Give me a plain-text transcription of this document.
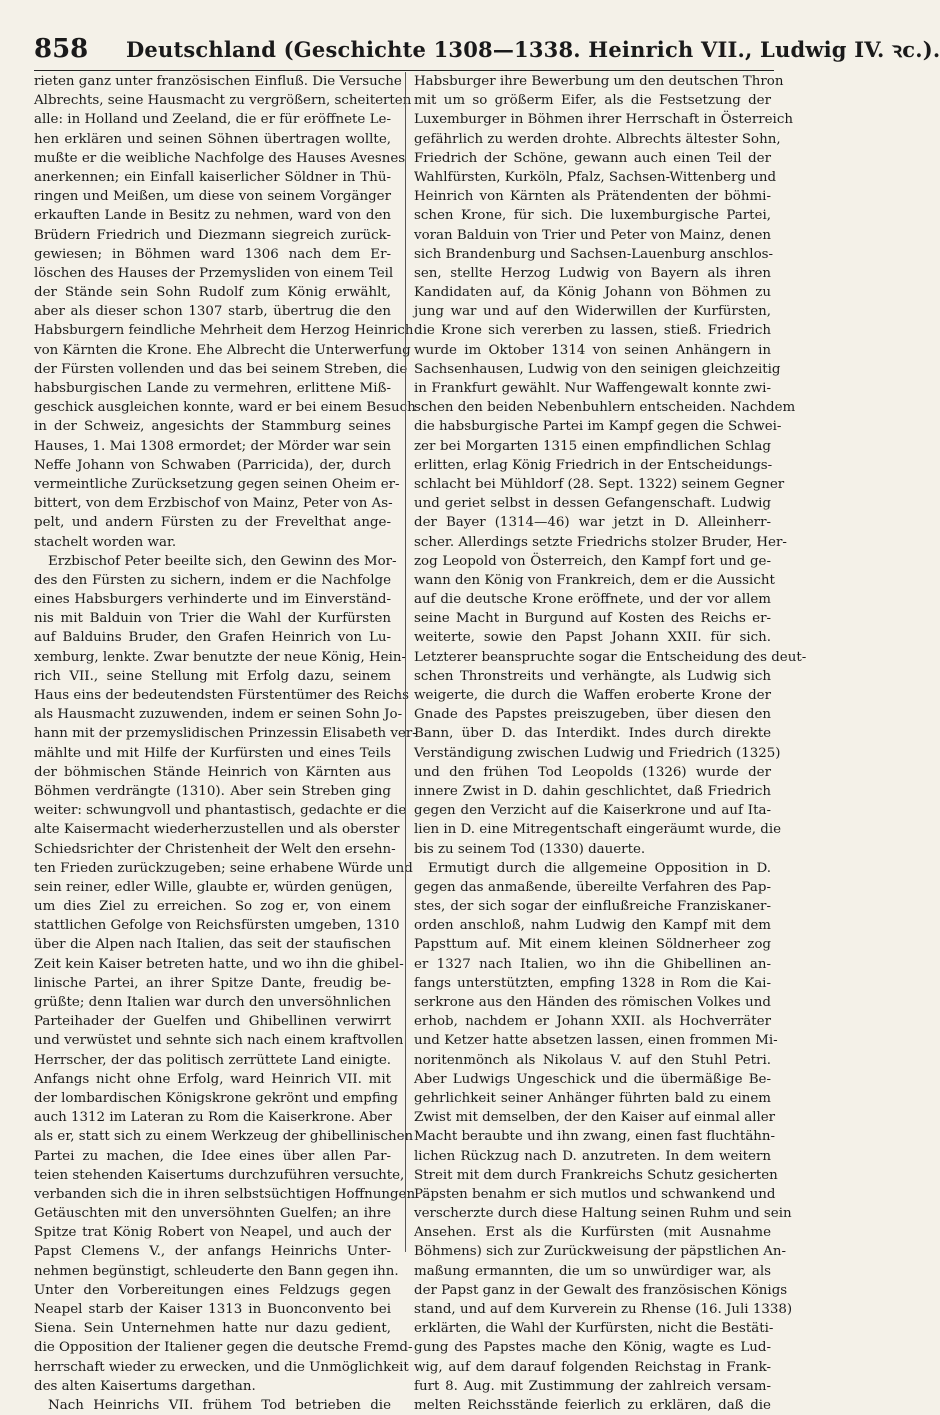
858 Deutschland (Geschichte 1308—1338. Heinrich VII., Ludwig IV. ꝛc.).
rieten ganz unter französischen Einfluß. Die Versuche
Albrechts, seine Hausmacht zu vergrößern, scheiterten
alle: in Holland und Zeeland, die er für eröffnete Le-
hen erklären und seinen Söhnen übertragen wollte,
mußte er die weibliche Nachfolge des Hauses Avesnes
anerkennen; ein Einfall kaiserlicher Söldner in Thü-
ringen und Meißen, um diese von seinem Vorgänger
erkauften Lande in Besitz zu nehmen, ward von den
Brüdern Friedrich und Diezmann siegreich zurück-
gewiesen; in Böhmen ward 1306 nach dem Er-
löschen des Hauses der Przemysliden von einem Teil
der Stände sein Sohn Rudolf zum König erwählt,
aber als dieser schon 1307 starb, übertrug die den
Habsburgern feindliche Mehrheit dem Herzog Heinrich
von Kärnten die Krone. Ehe Albrecht die Unterwerfung
der Fürsten vollenden und das bei seinem Streben, die
habsburgischen Lande zu vermehren, erlittene Miß-
geschick ausgleichen konnte, ward er bei einem Besuch
in der Schweiz, angesichts der Stammburg seines
Hauses, 1. Mai 1308 ermordet; der Mörder war sein
Neffe Johann von Schwaben (Parricida), der, durch
vermeintliche Zurücksetzung gegen seinen Oheim er-
bittert, von dem Erzbischof von Mainz, Peter von As-
pelt, und andern Fürsten zu der Frevelthat ange-
stachelt worden war.
Erzbischof Peter beeilte sich, den Gewinn des Mor-
des den Fürsten zu sichern, indem er die Nachfolge
eines Habsburgers verhinderte und im Einverständ-
nis mit Balduin von Trier die Wahl der Kurfürsten
auf Balduins Bruder, den Grafen Heinrich von Lu-
xemburg, lenkte. Zwar benutzte der neue König, Hein-
rich VII., seine Stellung mit Erfolg dazu, seinem
Haus eins der bedeutendsten Fürstentümer des Reichs
als Hausmacht zuzuwenden, indem er seinen Sohn Jo-
hann mit der przemyslidischen Prinzessin Elisabeth ver-
mählte und mit Hilfe der Kurfürsten und eines Teils
der böhmischen Stände Heinrich von Kärnten aus
Böhmen verdrängte (1310). Aber sein Streben ging
weiter: schwungvoll und phantastisch, gedachte er die
alte Kaisermacht wiederherzustellen und als oberster
Schiedsrichter der Christenheit der Welt den ersehn-
ten Frieden zurückzugeben; seine erhabene Würde und
sein reiner, edler Wille, glaubte er, würden genügen,
um dies Ziel zu erreichen. So zog er, von einem
stattlichen Gefolge von Reichsfürsten umgeben, 1310
über die Alpen nach Italien, das seit der staufischen
Zeit kein Kaiser betreten hatte, und wo ihn die ghibel-
linische Partei, an ihrer Spitze Dante, freudig be-
grüßte; denn Italien war durch den unversöhnlichen
Parteihader der Guelfen und Ghibellinen verwirrt
und verwüstet und sehnte sich nach einem kraftvollen
Herrscher, der das politisch zerrüttete Land einigte.
Anfangs nicht ohne Erfolg, ward Heinrich VII. mit
der lombardischen Königskrone gekrönt und empfing
auch 1312 im Lateran zu Rom die Kaiserkrone. Aber
als er, statt sich zu einem Werkzeug der ghibellinischen
Partei zu machen, die Idee eines über allen Par-
teien stehenden Kaisertums durchzuführen versuchte,
verbanden sich die in ihren selbstsüchtigen Hoffnungen
Getäuschten mit den unversöhnten Guelfen; an ihre
Spitze trat König Robert von Neapel, und auch der
Papst Clemens V., der anfangs Heinrichs Unter-
nehmen begünstigt, schleuderte den Bann gegen ihn.
Unter den Vorbereitungen eines Feldzugs gegen
Neapel starb der Kaiser 1313 in Buonconvento bei
Siena. Sein Unternehmen hatte nur dazu gedient,
die Opposition der Italiener gegen die deutsche Fremd-
herrschaft wieder zu erwecken, und die Unmöglichkeit
des alten Kaisertums dargethan.
Nach Heinrichs VII. frühem Tod betrieben die
Habsburger ihre Bewerbung um den deutschen Thron
mit um so größerm Eifer, als die Festsetzung der
Luxemburger in Böhmen ihrer Herrschaft in Österreich
gefährlich zu werden drohte. Albrechts ältester Sohn,
Friedrich der Schöne, gewann auch einen Teil der
Wahlfürsten, Kurköln, Pfalz, Sachsen-Wittenberg und
Heinrich von Kärnten als Prätendenten der böhmi-
schen Krone, für sich. Die luxemburgische Partei,
voran Balduin von Trier und Peter von Mainz, denen
sich Brandenburg und Sachsen-Lauenburg anschlos-
sen, stellte Herzog Ludwig von Bayern als ihren
Kandidaten auf, da König Johann von Böhmen zu
jung war und auf den Widerwillen der Kurfürsten,
die Krone sich vererben zu lassen, stieß. Friedrich
wurde im Oktober 1314 von seinen Anhängern in
Sachsenhausen, Ludwig von den seinigen gleichzeitig
in Frankfurt gewählt. Nur Waffengewalt konnte zwi-
schen den beiden Nebenbuhlern entscheiden. Nachdem
die habsburgische Partei im Kampf gegen die Schwei-
zer bei Morgarten 1315 einen empfindlichen Schlag
erlitten, erlag König Friedrich in der Entscheidungs-
schlacht bei Mühldorf (28. Sept. 1322) seinem Gegner
und geriet selbst in dessen Gefangenschaft. Ludwig
der Bayer (1314—46) war jetzt in D. Alleinherr-
scher. Allerdings setzte Friedrichs stolzer Bruder, Her-
zog Leopold von Österreich, den Kampf fort und ge-
wann den König von Frankreich, dem er die Aussicht
auf die deutsche Krone eröffnete, und der vor allem
seine Macht in Burgund auf Kosten des Reichs er-
weiterte, sowie den Papst Johann XXII. für sich.
Letzterer beanspruchte sogar die Entscheidung des deut-
schen Thronstreits und verhängte, als Ludwig sich
weigerte, die durch die Waffen eroberte Krone der
Gnade des Papstes preiszugeben, über diesen den
Bann, über D. das Interdikt. Indes durch direkte
Verständigung zwischen Ludwig und Friedrich (1325)
und den frühen Tod Leopolds (1326) wurde der
innere Zwist in D. dahin geschlichtet, daß Friedrich
gegen den Verzicht auf die Kaiserkrone und auf Ita-
lien in D. eine Mitregentschaft eingeräumt wurde, die
bis zu seinem Tod (1330) dauerte.
Ermutigt durch die allgemeine Opposition in D.
gegen das anmaßende, übereilte Verfahren des Pap-
stes, der sich sogar der einflußreiche Franziskaner-
orden anschloß, nahm Ludwig den Kampf mit dem
Papsttum auf. Mit einem kleinen Söldnerheer zog
er 1327 nach Italien, wo ihn die Ghibellinen an-
fangs unterstützten, empfing 1328 in Rom die Kai-
serkrone aus den Händen des römischen Volkes und
erhob, nachdem er Johann XXII. als Hochverräter
und Ketzer hatte absetzen lassen, einen frommen Mi-
noritenmönch als Nikolaus V. auf den Stuhl Petri.
Aber Ludwigs Ungeschick und die übermäßige Be-
gehrlichkeit seiner Anhänger führten bald zu einem
Zwist mit demselben, der den Kaiser auf einmal aller
Macht beraubte und ihn zwang, einen fast fluchtähn-
lichen Rückzug nach D. anzutreten. In dem weitern
Streit mit dem durch Frankreichs Schutz gesicherten
Päpsten benahm er sich mutlos und schwankend und
verscherzte durch diese Haltung seinen Ruhm und sein
Ansehen. Erst als die Kurfürsten (mit Ausnahme
Böhmens) sich zur Zurückweisung der päpstlichen An-
maßung ermannten, die um so unwürdiger war, als
der Papst ganz in der Gewalt des französischen Königs
stand, und auf dem Kurverein zu Rhense (16. Juli 1338)
erklärten, die Wahl der Kurfürsten, nicht die Bestäti-
gung des Papstes mache den König, wagte es Lud-
wig, auf dem darauf folgenden Reichstag in Frank-
furt 8. Aug. mit Zustimmung der zahlreich versam-
melten Reichsstände feierlich zu erklären, daß die
